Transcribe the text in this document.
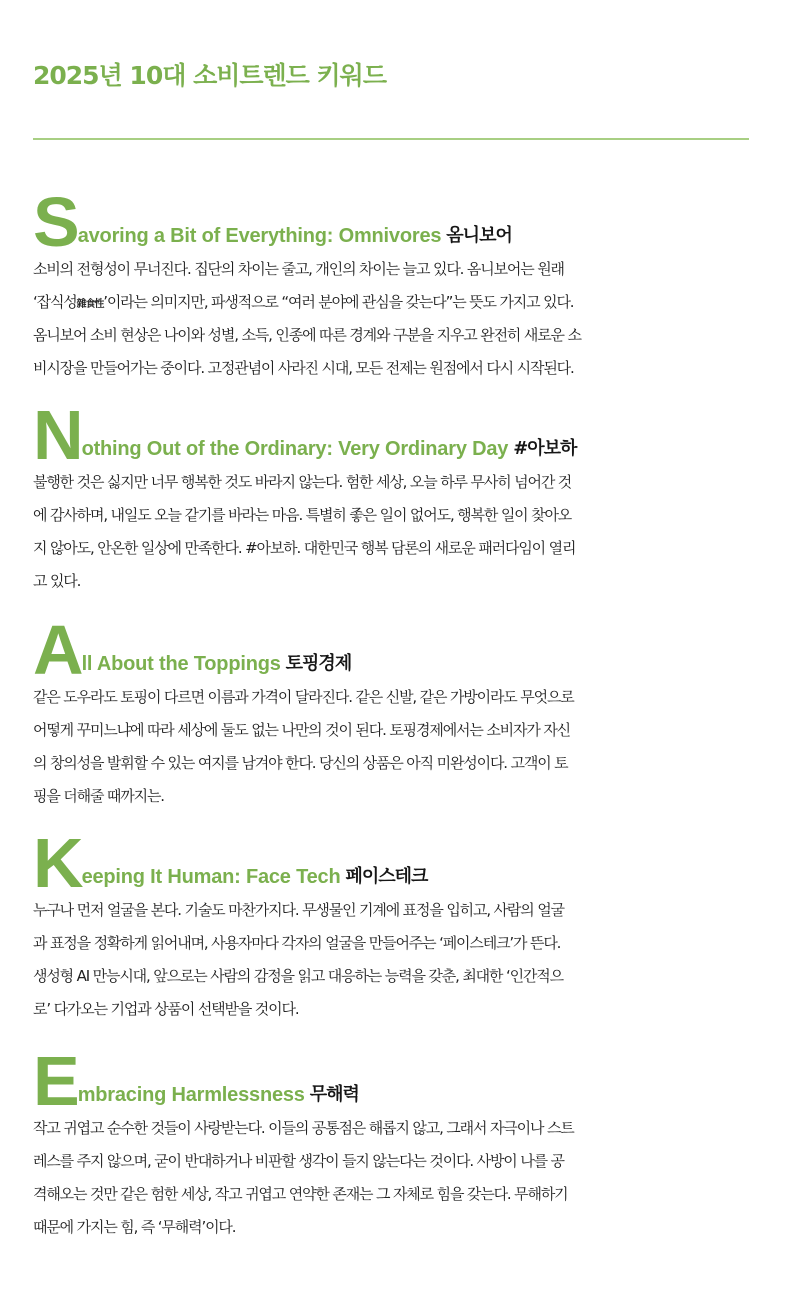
2025년 10대 소비트렌드 키워드
S avoring a Bit of Everything: Omnivores 옴니보어
소비의 전형성이 무너진다. 집단의 차이는 줄고, 개인의 차이는 늘고 있다. 옴니보어는 원래
‘잡식성雜食性’이라는 의미지만, 파생적으로 “여러 분야에 관심을 갖는다”는 뜻도 가지고 있다.
옴니보어 소비 현상은 나이와 성별, 소득, 인종에 따른 경계와 구분을 지우고 완전히 새로운 소
비시장을 만들어가는 중이다. 고정관념이 사라진 시대, 모든 전제는 원점에서 다시 시작된다.
N othing Out of the Ordinary: Very Ordinary Day #아보하
불행한 것은 싫지만 너무 행복한 것도 바라지 않는다. 험한 세상, 오늘 하루 무사히 넘어간 것
에 감사하며, 내일도 오늘 같기를 바라는 마음. 특별히 좋은 일이 없어도, 행복한 일이 찾아오
지 않아도, 안온한 일상에 만족한다. #아보하. 대한민국 행복 담론의 새로운 패러다임이 열리
고 있다.
A ll About the Toppings 토핑경제
같은 도우라도 토핑이 다르면 이름과 가격이 달라진다. 같은 신발, 같은 가방이라도 무엇으로
어떻게 꾸미느냐에 따라 세상에 둘도 없는 나만의 것이 된다. 토핑경제에서는 소비자가 자신
의 창의성을 발휘할 수 있는 여지를 남겨야 한다. 당신의 상품은 아직 미완성이다. 고객이 토
핑을 더해줄 때까지는.
K eeping It Human: Face Tech 페이스테크
누구나 먼저 얼굴을 본다. 기술도 마찬가지다. 무생물인 기계에 표정을 입히고, 사람의 얼굴
과 표정을 정확하게 읽어내며, 사용자마다 각자의 얼굴을 만들어주는 ‘페이스테크’가 뜬다.
생성형 AI 만능시대, 앞으로는 사람의 감정을 읽고 대응하는 능력을 갖춘, 최대한 ‘인간적으
로’ 다가오는 기업과 상품이 선택받을 것이다.
E mbracing Harmlessness 무해력
작고 귀엽고 순수한 것들이 사랑받는다. 이들의 공통점은 해롭지 않고, 그래서 자극이나 스트
레스를 주지 않으며, 굳이 반대하거나 비판할 생각이 들지 않는다는 것이다. 사방이 나를 공
격해오는 것만 같은 험한 세상, 작고 귀엽고 연약한 존재는 그 자체로 힘을 갖는다. 무해하기
때문에 가지는 힘, 즉 ‘무해력’이다.
